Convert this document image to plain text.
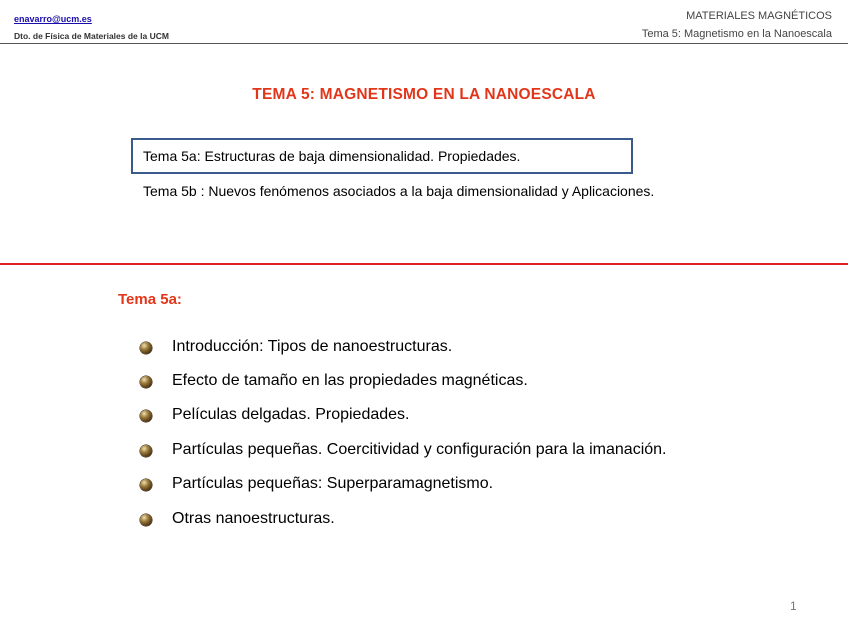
enavarro@ucm.es
Dto. de Física de Materiales de la UCM
MATERIALES MAGNÉTICOS
Tema 5: Magnetismo en la Nanoescala
TEMA 5: MAGNETISMO EN LA NANOESCALA
Tema 5a: Estructuras de baja dimensionalidad. Propiedades.
Tema 5b : Nuevos fenómenos asociados a la baja dimensionalidad y Aplicaciones.
Tema 5a:
Introducción: Tipos de nanoestructuras.
Efecto de tamaño en las propiedades magnéticas.
Películas delgadas. Propiedades.
Partículas pequeñas. Coercitividad y configuración para la imanación.
Partículas pequeñas: Superparamagnetismo.
Otras nanoestructuras.
1
